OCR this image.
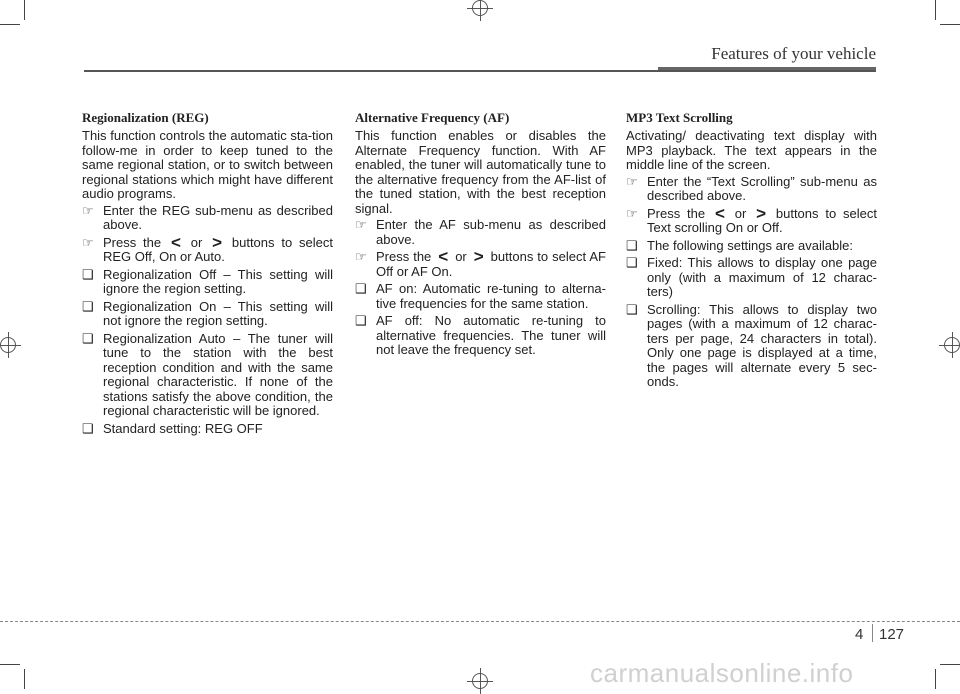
Features of your vehicle
Regionalization (REG)

This function controls the automatic sta-tion follow-me in order to keep tuned to the same regional station, or to switch between regional stations which might have different audio programs.

☞ Enter the REG sub-menu as described above.
☞ Press the < or > buttons to select REG Off, On or Auto.
❑ Regionalization Off – This setting will ignore the region setting.
❑ Regionalization On – This setting will not ignore the region setting.
❑ Regionalization Auto – The tuner will tune to the station with the best reception condition and with the same regional characteristic. If none of the stations satisfy the above condition, the regional characteristic will be ignored.
❑ Standard setting: REG OFF
Alternative Frequency (AF)

This function enables or disables the Alternate Frequency function. With AF enabled, the tuner will automatically tune to the alternative frequency from the AF-list of the tuned station, with the best reception signal.

☞ Enter the AF sub-menu as described above.
☞ Press the < or > buttons to select AF Off or AF On.
❑ AF on: Automatic re-tuning to alterna-tive frequencies for the same station.
❑ AF off: No automatic re-tuning to alternative frequencies. The tuner will not leave the frequency set.
MP3 Text Scrolling

Activating/ deactivating text display with MP3 playback. The text appears in the middle line of the screen.

☞ Enter the “Text Scrolling” sub-menu as described above.
☞ Press the < or > buttons to select Text scrolling On or Off.
❑ The following settings are available:
❑ Fixed: This allows to display one page only (with a maximum of 12 charac-ters)
❑ Scrolling: This allows to display two pages (with a maximum of 12 charac-ters per page, 24 characters in total). Only one page is displayed at a time, the pages will alternate every 5 sec-onds.
4 127
carmanualsonline.info
